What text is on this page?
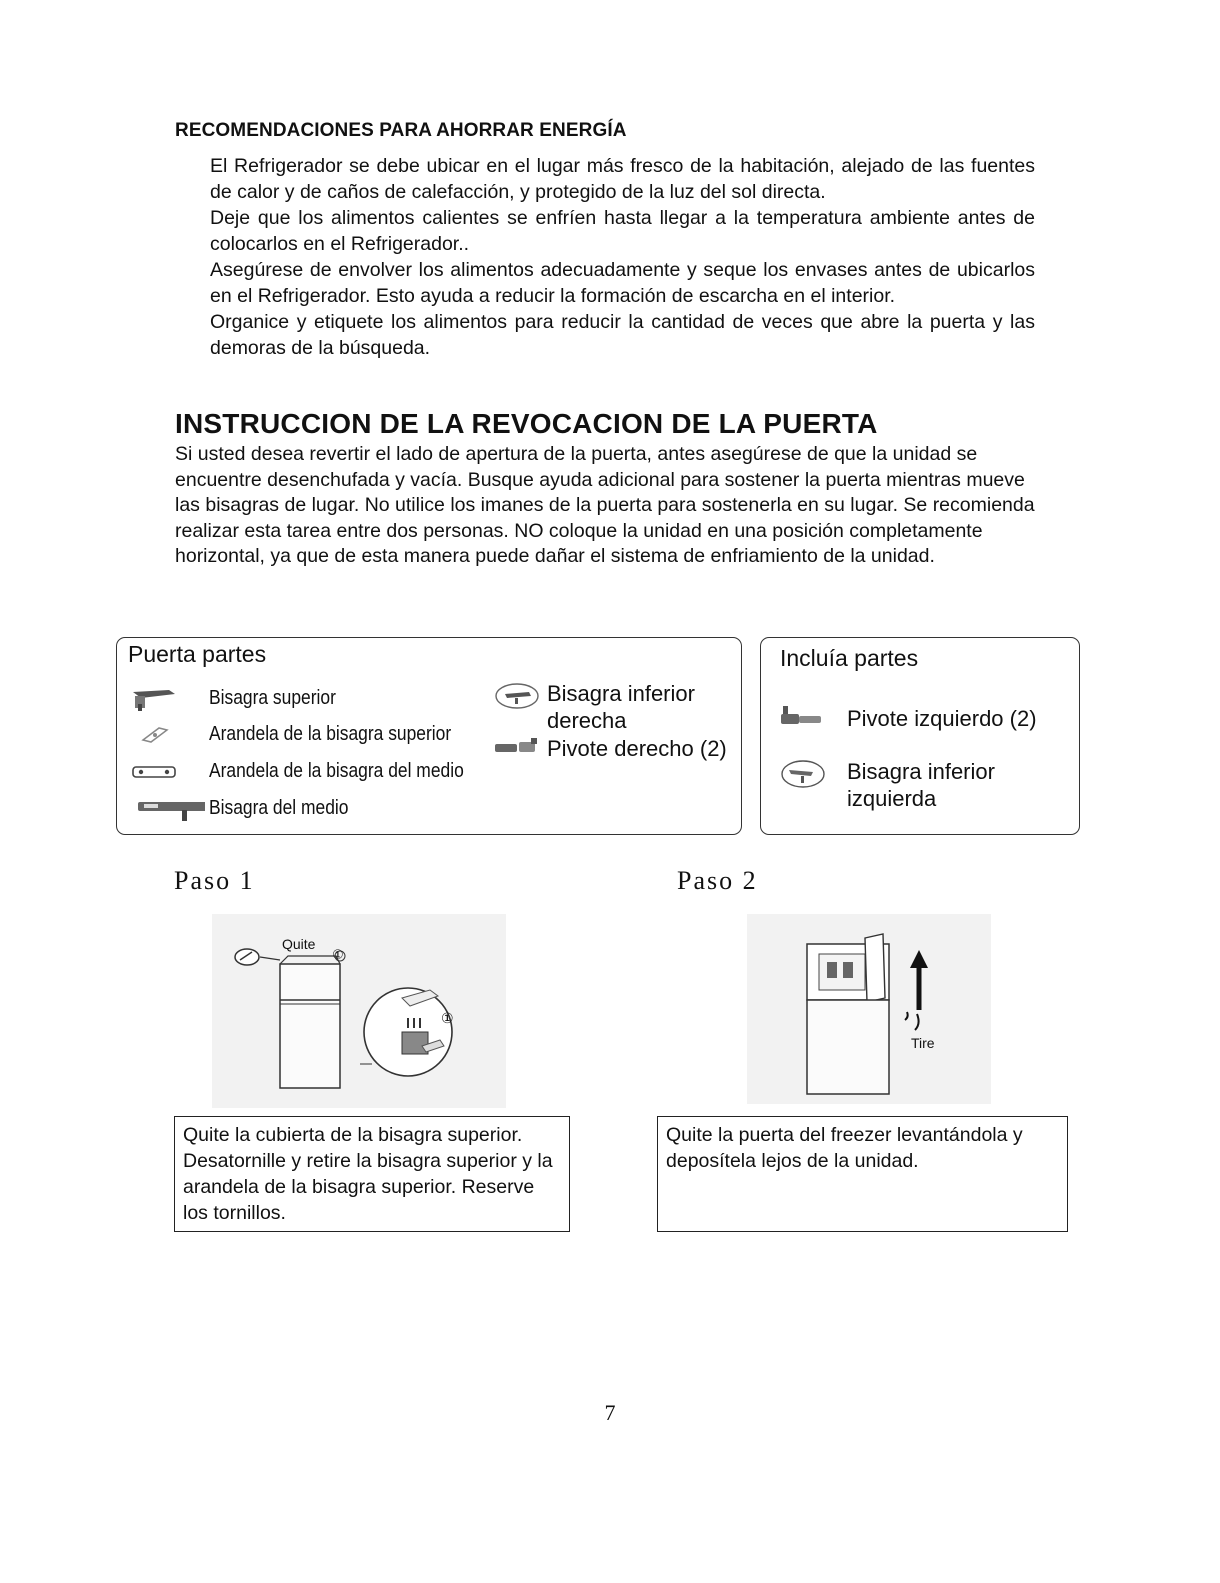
RECOMENDACIONES PARA AHORRAR ENERGÍA

El Refrigerador se debe ubicar en el lugar más fresco de la habitación, alejado de las fuentes de calor y de caños de calefacción, y protegido de la luz del sol directa.

Deje que los alimentos calientes se enfríen hasta llegar a la temperatura ambiente antes de colocarlos en el Refrigerador..

Asegúrese de envolver los alimentos adecuadamente y seque los envases antes de ubicarlos en el Refrigerador. Esto ayuda a reducir la formación de escarcha en el interior.

Organice y etiquete los alimentos para reducir la cantidad de veces que abre la puerta y las demoras de la búsqueda.

INSTRUCCION DE LA REVOCACION DE LA PUERTA
Si usted desea revertir el lado de apertura de la puerta, antes asegúrese de que la unidad se encuentre desenchufada y vacía. Busque ayuda adicional para sostener la puerta mientras mueve las bisagras de lugar. No utilice los imanes de la puerta para sostenerla en su lugar. Se recomienda realizar esta tarea entre dos personas. NO coloque la unidad en una posición completamente horizontal, ya que de esta manera puede dañar el sistema de enfriamiento de la unidad.
Puerta partes
Bisagra superior
Arandela de la bisagra superior
Arandela de la bisagra del medio
Bisagra del medio
Bisagra inferior derecha
Pivote derecho (2)
Incluía partes
Pivote izquierdo (2)
Bisagra inferior izquierda
Paso 1
Quite
①
①
Quite la cubierta de la bisagra superior. Desatornille y retire la bisagra superior y la arandela de la bisagra superior. Reserve los tornillos.
Paso 2
Tire
Quite la puerta del freezer levantándola y deposítela lejos de la unidad.
7
